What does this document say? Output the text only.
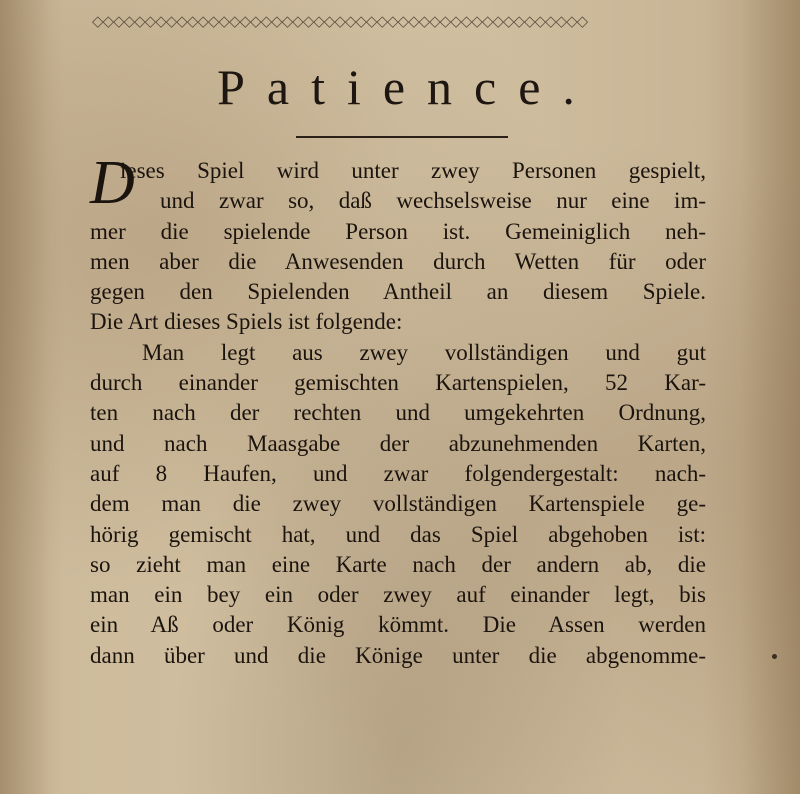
◇◇◇◇◇◇◇◇◇◇◇◇◇◇◇◇◇◇◇◇◇◇◇◇◇◇◇◇◇◇◇◇◇◇◇◇◇◇◇◇◇◇◇◇◇◇◇
Patience.
D
ieses Spiel wird unter zwey Personen gespielt,
und zwar so, daß wechselsweise nur eine im-
mer die spielende Person ist. Gemeiniglich neh-
men aber die Anwesenden durch Wetten für oder
gegen den Spielenden Antheil an diesem Spiele.
Die Art dieses Spiels ist folgende:
Man legt aus zwey vollständigen und gut
durch einander gemischten Kartenspielen, 52 Kar-
ten nach der rechten und umgekehrten Ordnung,
und nach Maasgabe der abzunehmenden Karten,
auf 8 Haufen, und zwar folgendergestalt: nach-
dem man die zwey vollständigen Kartenspiele ge-
hörig gemischt hat, und das Spiel abgehoben ist:
so zieht man eine Karte nach der andern ab, die
man ein bey ein oder zwey auf einander legt, bis
ein Aß oder König kömmt. Die Assen werden
dann über und die Könige unter die abgenomme-
